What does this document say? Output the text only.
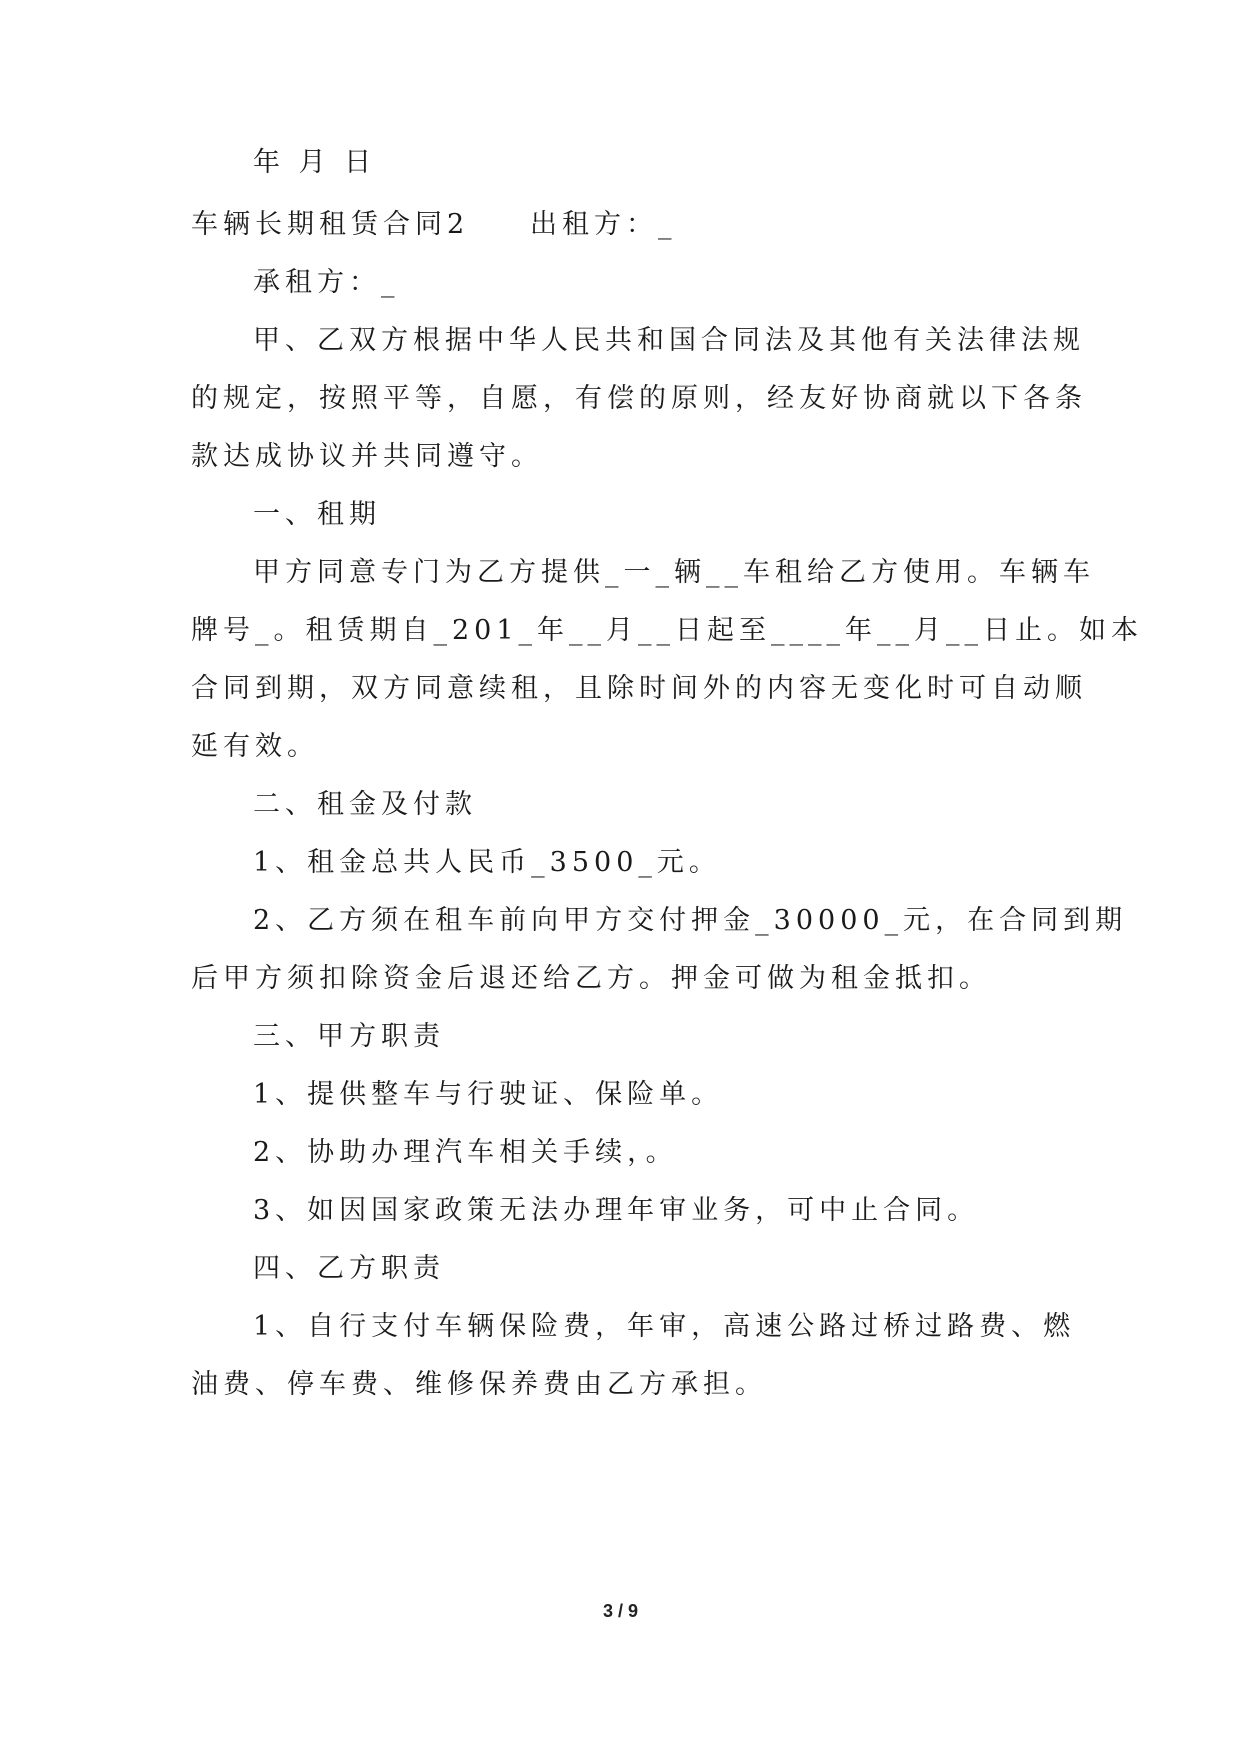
年 月 日
车辆长期租赁合同2 出租方：_
承租方：_
甲、乙双方根据中华人民共和国合同法及其他有关法律法规
的规定，按照平等，自愿，有偿的原则，经友好协商就以下各条
款达成协议并共同遵守。
一、租期
甲方同意专门为乙方提供_一_辆__车租给乙方使用。车辆车
牌号_。租赁期自_201_年__月__日起至____年__月__日止。如本
合同到期，双方同意续租，且除时间外的内容无变化时可自动顺
延有效。
二、租金及付款
1、租金总共人民币_3500_元。
2、乙方须在租车前向甲方交付押金_30000_元，在合同到期
后甲方须扣除资金后退还给乙方。押金可做为租金抵扣。
三、甲方职责
1、提供整车与行驶证、保险单。
2、协助办理汽车相关手续，。
3、如因国家政策无法办理年审业务，可中止合同。
四、乙方职责
1、自行支付车辆保险费，年审，高速公路过桥过路费、燃
油费、停车费、维修保养费由乙方承担。
3 / 9
